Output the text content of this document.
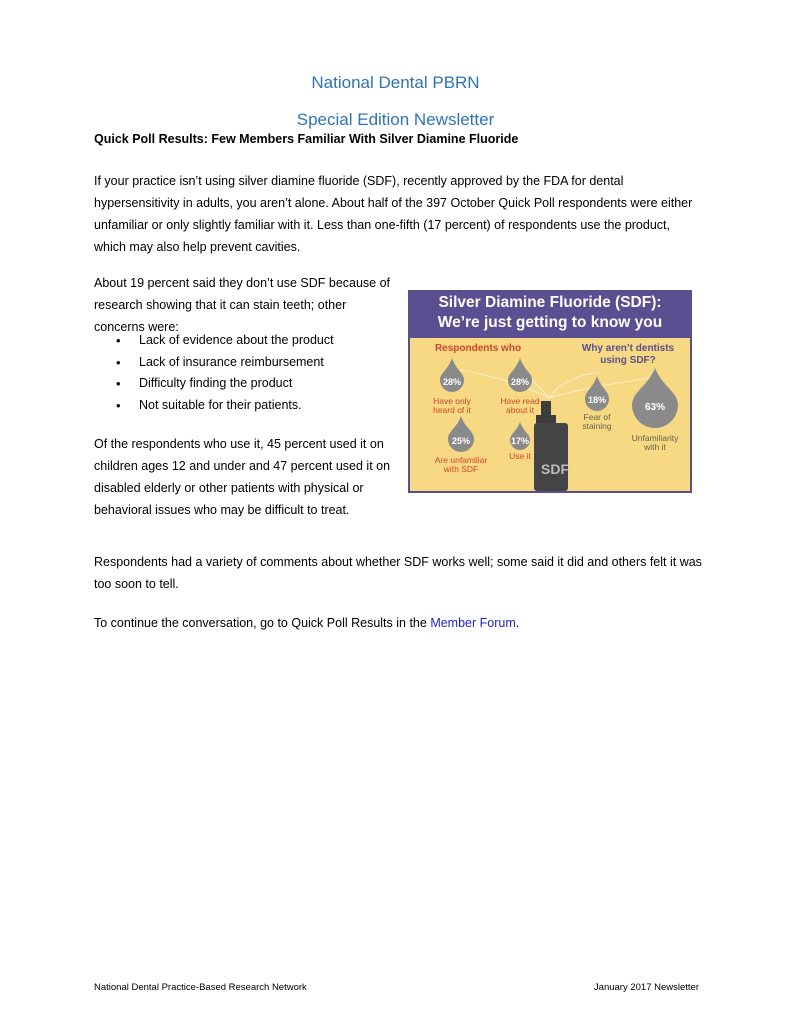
National Dental PBRN
Special Edition Newsletter
Quick Poll Results: Few Members Familiar With Silver Diamine Fluoride
If your practice isn’t using silver diamine fluoride (SDF), recently approved by the FDA for dental hypersensitivity in adults, you aren’t alone. About half of the 397 October Quick Poll respondents were either unfamiliar or only slightly familiar with it. Less than one-fifth (17 percent) of respondents use the product, which may also help prevent cavities.
About 19 percent said they don’t use SDF because of research showing that it can stain teeth; other concerns were:
• Lack of evidence about the product
• Lack of insurance reimbursement
• Difficulty finding the product
• Not suitable for their patients.
Of the respondents who use it, 45 percent used it on children ages 12 and under and 47 percent used it on disabled elderly or other patients with physical or behavioral issues who may be difficult to treat.
Respondents had a variety of comments about whether SDF works well; some said it did and others felt it was too soon to tell.
To continue the conversation, go to Quick Poll Results in the Member Forum.
Silver Diamine Fluoride (SDF):
We’re just getting to know you
SDF
Respondents who	Why aren’t dentists
using SDF?
28%
Have only
heard of it
28%
Have read
about it
25%
Are unfamiliar
with SDF
17%
Use it
18%
Fear of
staining
63%
Unfamiliarity
with it
National Dental Practice-Based Research Network	January 2017 Newsletter
